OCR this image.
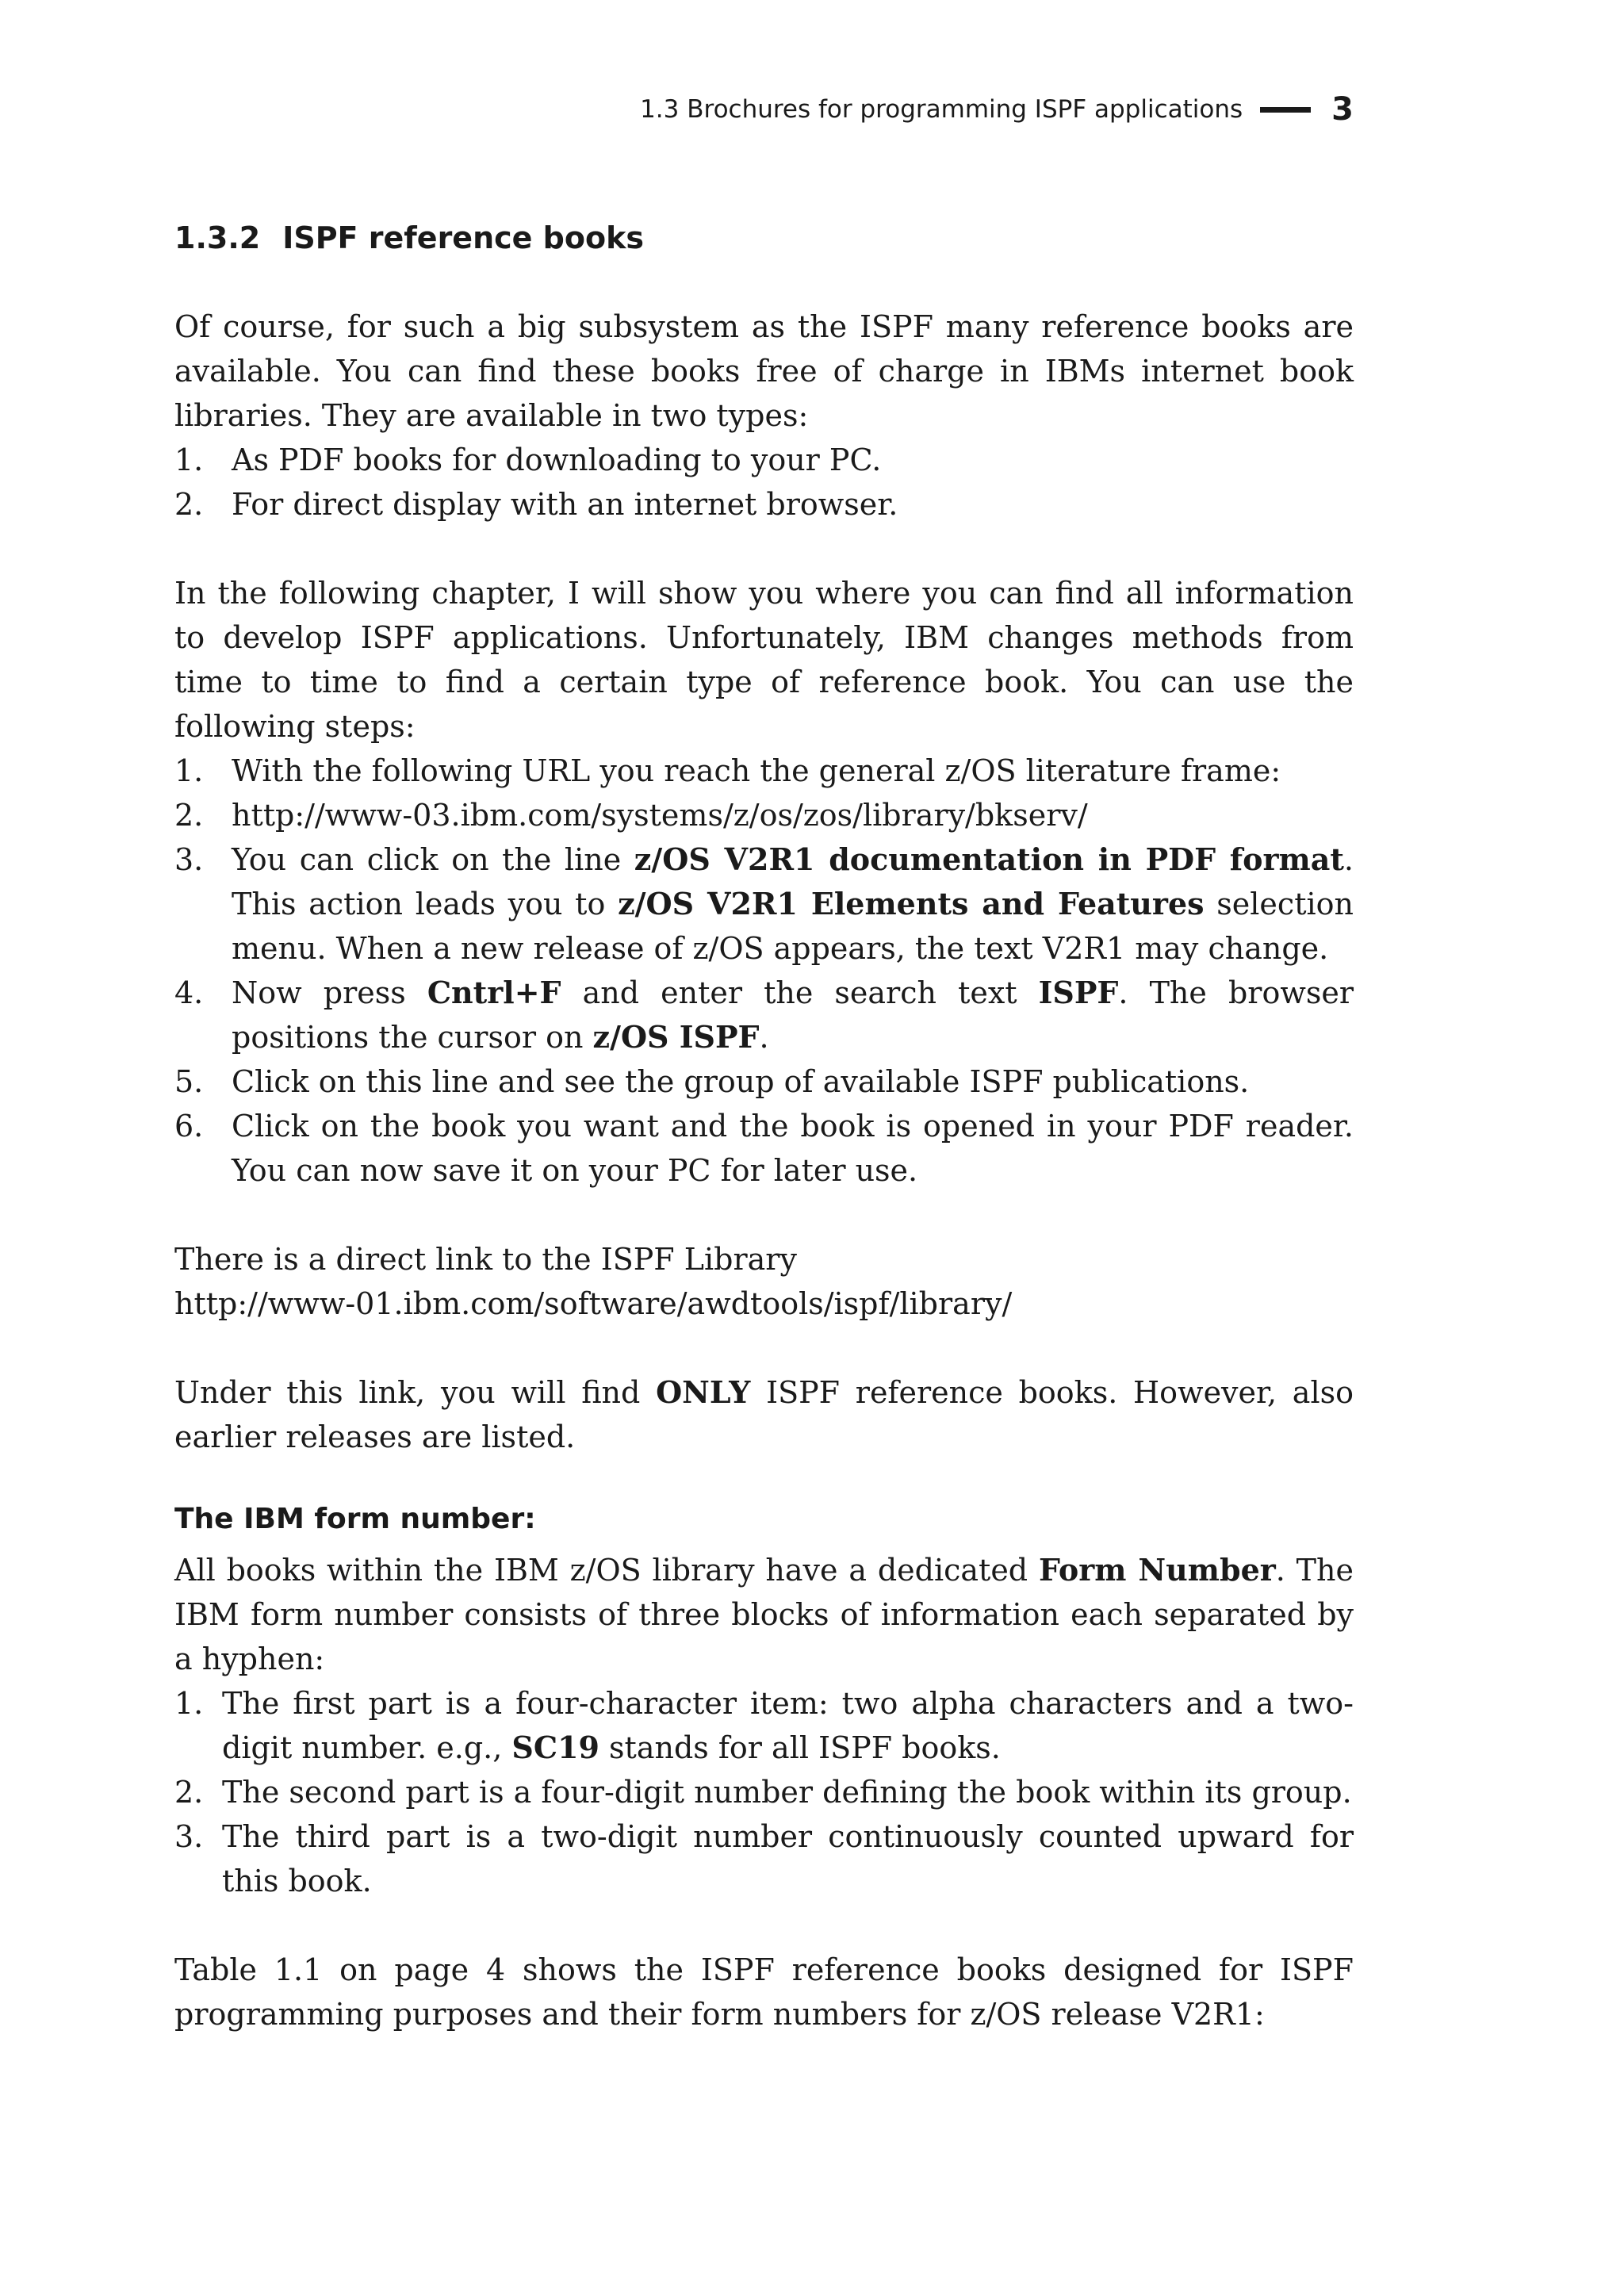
1.3 Brochures for programming ISPF applications	3
1.3.2 ISPF reference books

Of course, for such a big subsystem as the ISPF many reference books are available. You can find these books free of charge in IBMs internet book libraries. They are available in two types:

1. As PDF books for downloading to your PC.
2. For direct display with an internet browser.

In the following chapter, I will show you where you can find all information to develop ISPF applications. Unfortunately, IBM changes methods from time to time to find a certain type of reference book. You can use the following steps:

1. With the following URL you reach the general z/OS literature frame:
2. http://www-03.ibm.com/systems/z/os/zos/library/bkserv/
3. You can click on the line z/OS V2R1 documentation in PDF format. This action leads you to z/OS V2R1 Elements and Features selection menu. When a new release of z/OS appears, the text V2R1 may change.
4. Now press Cntrl+F and enter the search text ISPF. The browser positions the cursor on z/OS ISPF.
5. Click on this line and see the group of available ISPF publications.
6. Click on the book you want and the book is opened in your PDF reader. You can now save it on your PC for later use.

There is a direct link to the ISPF Library

http://www-01.ibm.com/software/awdtools/ispf/library/

Under this link, you will find ONLY ISPF reference books. However, also earlier releases are listed.

The IBM form number:

All books within the IBM z/OS library have a dedicated Form Number. The IBM form number consists of three blocks of information each separated by a hyphen:

1. The first part is a four-character item: two alpha characters and a two-digit number. e.g., SC19 stands for all ISPF books.
2. The second part is a four-digit number defining the book within its group.
3. The third part is a two-digit number continuously counted upward for this book.

Table 1.1 on page 4 shows the ISPF reference books designed for ISPF programming purposes and their form numbers for z/OS release V2R1:
